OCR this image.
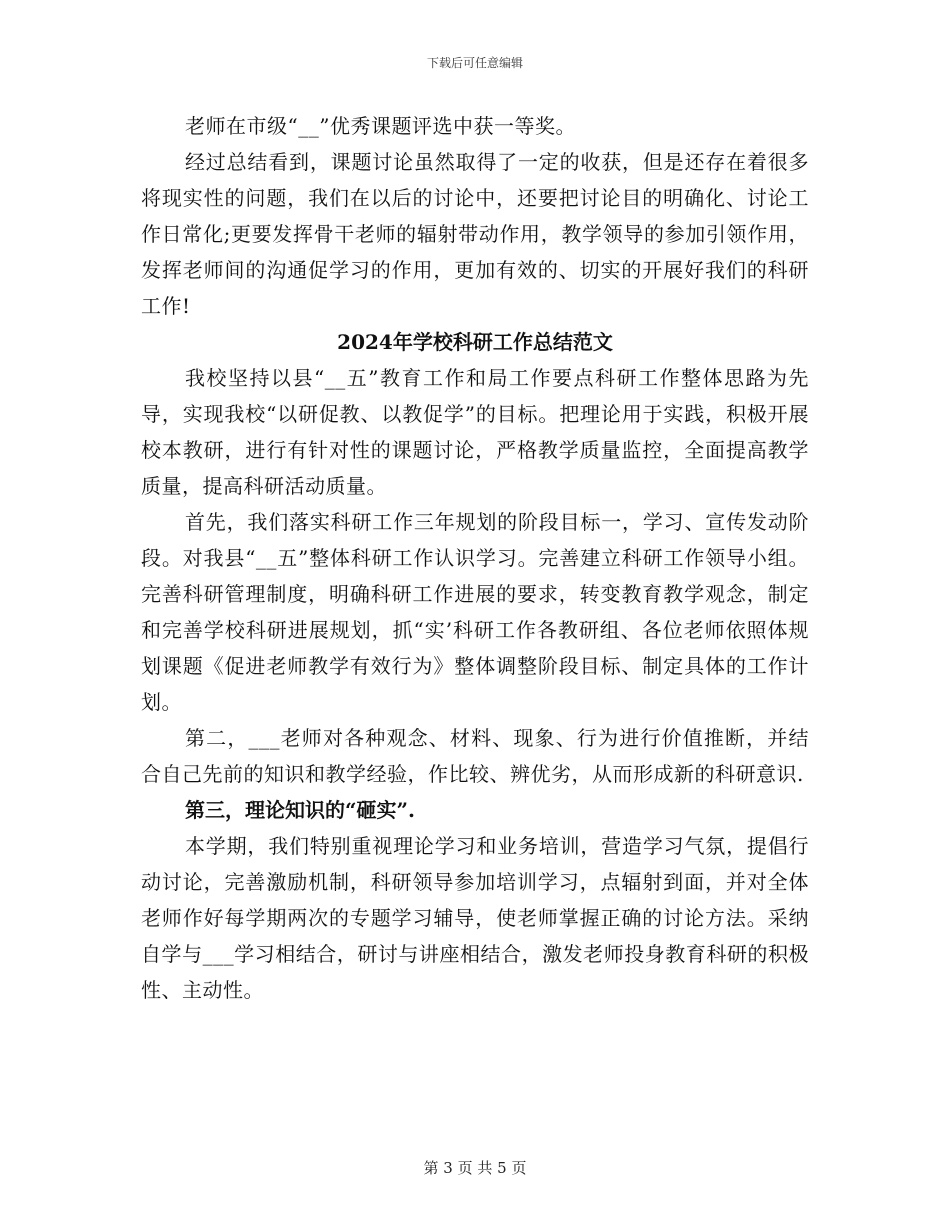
下载后可任意编辑

老师在市级“__”优秀课题评选中获一等奖。

经过总结看到，课题讨论虽然取得了一定的收获，但是还存在着很多将现实性的问题，我们在以后的讨论中，还要把讨论目的明确化、讨论工作日常化;更要发挥骨干老师的辐射带动作用，教学领导的参加引领作用，发挥老师间的沟通促学习的作用，更加有效的、切实的开展好我们的科研工作!

2024年学校科研工作总结范文

我校坚持以县“__五”教育工作和局工作要点科研工作整体思路为先导，实现我校“以研促教、以教促学”的目标。把理论用于实践，积极开展校本教研，进行有针对性的课题讨论，严格教学质量监控，全面提高教学质量，提高科研活动质量。

首先，我们落实科研工作三年规划的阶段目标一，学习、宣传发动阶段。对我县“__五”整体科研工作认识学习。完善建立科研工作领导小组。完善科研管理制度，明确科研工作进展的要求，转变教育教学观念，制定和完善学校科研进展规划，抓“实’科研工作各教研组、各位老师依照体规划课题《促进老师教学有效行为》整体调整阶段目标、制定具体的工作计划。

第二，___老师对各种观念、材料、现象、行为进行价值推断，并结合自己先前的知识和教学经验，作比较、辨优劣，从而形成新的科研意识.

第三，理论知识的“砸实”.

本学期，我们特别重视理论学习和业务培训，营造学习气氛，提倡行动讨论，完善激励机制，科研领导参加培训学习，点辐射到面，并对全体老师作好每学期两次的专题学习辅导，使老师掌握正确的讨论方法。采纳自学与___学习相结合，研讨与讲座相结合，激发老师投身教育科研的积极性、主动性。

第 3 页 共 5 页
